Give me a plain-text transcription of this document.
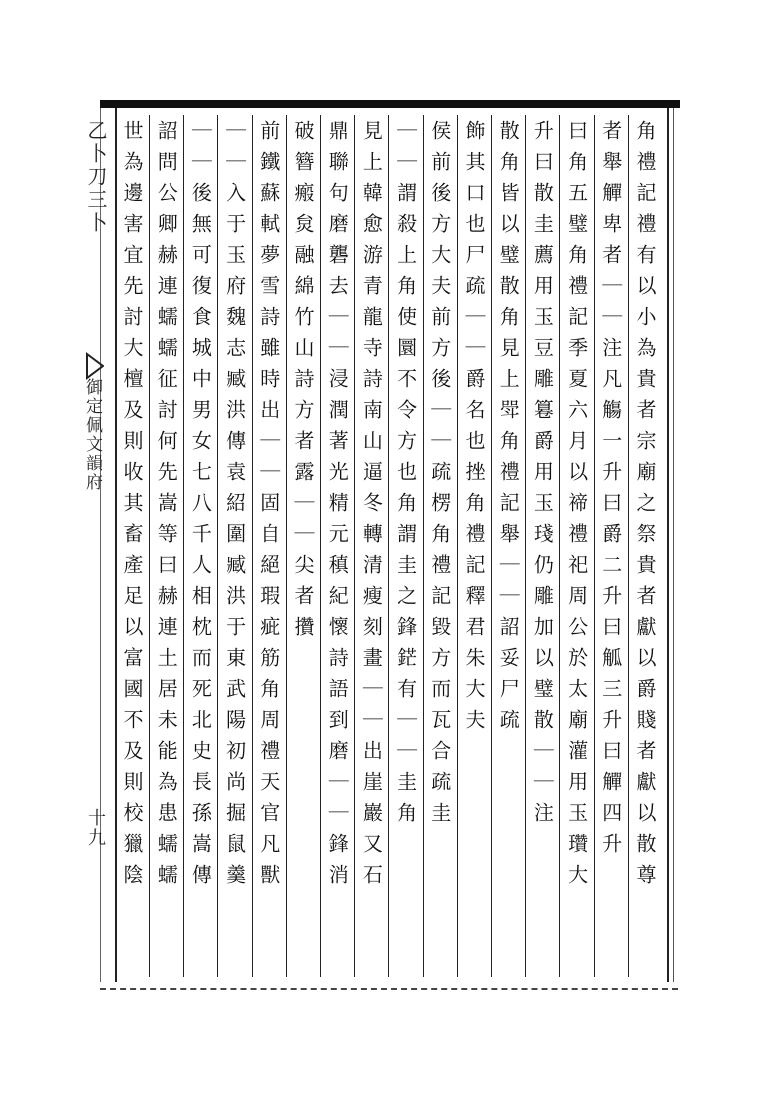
乙卜刀三卜
御定佩文韻府
十九	角禮記禮有以小為貴者宗廟之祭貴者獻以爵賤者獻以散尊
者舉觶卑者｜｜注凡觴一升曰爵二升曰觚三升曰觶四升
曰角五璧角禮記季夏六月以禘禮祀周公於太廟灌用玉瓚大
升曰散圭薦用玉豆雕篹爵用玉琖仍雕加以璧散｜｜注
散角皆以璧散角見上斝角禮記舉｜｜詔妥尸疏
飾其口也尸疏｜｜爵名也挫角禮記釋君朱大夫
侯前後方大夫前方後｜｜疏楞角禮記毀方而瓦合疏圭
｜｜謂殺上角使圜不令方也角謂圭之鋒鋩有｜｜圭角
見上韓愈游青龍寺詩南山逼冬轉清瘦刻畫｜｜出崖巖又石
鼎聯句磨礱去｜｜浸潤著光精元稹紀懷詩語到磨｜｜鋒消
破簪瘢炱融綿竹山詩方者露｜｜尖者攢
前鐵蘇軾夢雪詩雖時出｜｜固自絕瑕疵筋角周禮天官凡獸
｜｜入于玉府魏志臧洪傳袁紹圍臧洪于東武陽初尚掘鼠羹
｜｜後無可復食城中男女七八千人相枕而死北史長孫嵩傳
詔問公卿赫連蠕蠕征討何先嵩等曰赫連土居未能為患蠕蠕
世為邊害宜先討大檀及則收其畜產足以富國不及則校獵陰
